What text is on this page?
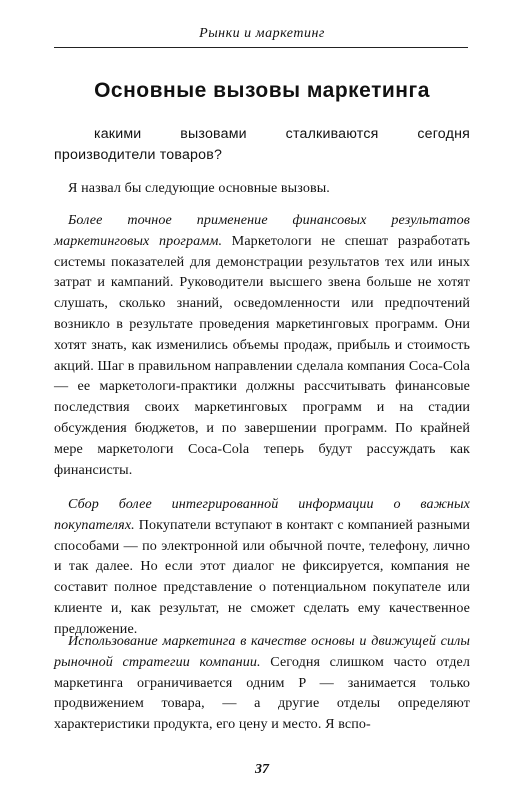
Рынки и маркетинг
Основные вызовы маркетинга

какими вызовами сталкиваются сегодня производители товаров?

Я назвал бы следующие основные вызовы.

Более точное применение финансовых результатов маркетинговых программ. Маркетологи не спешат разработать системы показателей для демонстрации результатов тех или иных затрат и кампаний. Руководители высшего звена больше не хотят слушать, сколько знаний, осведомленности или предпочтений возникло в результате проведения маркетинговых программ. Они хотят знать, как изменились объемы продаж, прибыль и стоимость акций. Шаг в правильном направлении сделала компания Coca-Cola — ее маркетологи-практики должны рассчитывать финансовые последствия своих маркетинговых программ и на стадии обсуждения бюджетов, и по завершении программ. По крайней мере маркетологи Coca-Cola теперь будут рассуждать как финансисты.

Сбор более интегрированной информации о важных покупателях. Покупатели вступают в контакт с компанией разными способами — по электронной или обычной почте, телефону, лично и так далее. Но если этот диалог не фиксируется, компания не составит полное представление о потенциальном покупателе или клиенте и, как результат, не сможет сделать ему качественное предложение.

Использование маркетинга в качестве основы и движущей силы рыночной стратегии компании. Сегодня слишком часто отдел маркетинга ограничивается одним P — занимается только продвижением товара, — а другие отделы определяют характеристики продукта, его цену и место. Я вспо-

37
